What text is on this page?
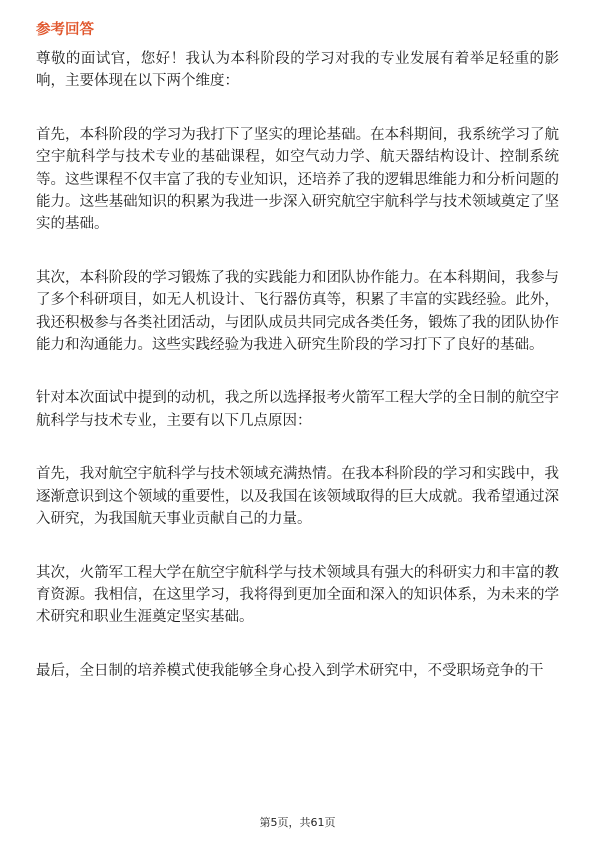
参考回答

尊敬的面试官，您好！我认为本科阶段的学习对我的专业发展有着举足轻重的影响，主要体现在以下两个维度：

首先，本科阶段的学习为我打下了坚实的理论基础。在本科期间，我系统学习了航空宇航科学与技术专业的基础课程，如空气动力学、航天器结构设计、控制系统等。这些课程不仅丰富了我的专业知识，还培养了我的逻辑思维能力和分析问题的能力。这些基础知识的积累为我进一步深入研究航空宇航科学与技术领域奠定了坚实的基础。

其次，本科阶段的学习锻炼了我的实践能力和团队协作能力。在本科期间，我参与了多个科研项目，如无人机设计、飞行器仿真等，积累了丰富的实践经验。此外，我还积极参与各类社团活动，与团队成员共同完成各类任务，锻炼了我的团队协作能力和沟通能力。这些实践经验为我进入研究生阶段的学习打下了良好的基础。

针对本次面试中提到的动机，我之所以选择报考火箭军工程大学的全日制的航空宇航科学与技术专业，主要有以下几点原因：

首先，我对航空宇航科学与技术领域充满热情。在我本科阶段的学习和实践中，我逐渐意识到这个领域的重要性，以及我国在该领域取得的巨大成就。我希望通过深入研究，为我国航天事业贡献自己的力量。

其次，火箭军工程大学在航空宇航科学与技术领域具有强大的科研实力和丰富的教育资源。我相信，在这里学习，我将得到更加全面和深入的知识体系，为未来的学术研究和职业生涯奠定坚实基础。

最后，全日制的培养模式使我能够全身心投入到学术研究中，不受职场竞争的干

第5页，共61页
